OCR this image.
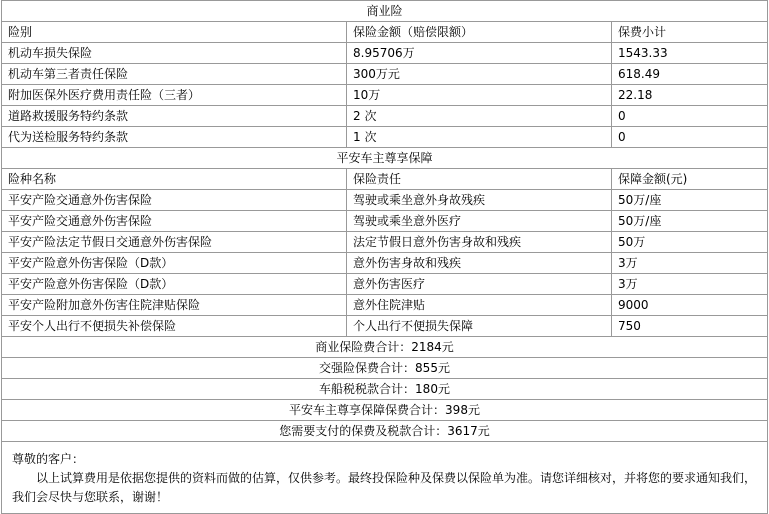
商业险
险别	保险金额（赔偿限额）	保费小计
机动车损失保险	8.95706万	1543.33
机动车第三者责任保险	300万元	618.49
附加医保外医疗费用责任险（三者）	10万	22.18
道路救援服务特约条款	2 次	0
代为送检服务特约条款	1 次	0
平安车主尊享保障
险种名称	保险责任	保障金额(元)
平安产险交通意外伤害保险	驾驶或乘坐意外身故残疾	50万/座
平安产险交通意外伤害保险	驾驶或乘坐意外医疗	50万/座
平安产险法定节假日交通意外伤害保险	法定节假日意外伤害身故和残疾	50万
平安产险意外伤害保险（D款）	意外伤害身故和残疾	3万
平安产险意外伤害保险（D款）	意外伤害医疗	3万
平安产险附加意外伤害住院津贴保险	意外住院津贴	9000
平安个人出行不便损失补偿保险	个人出行不便损失保障	750
商业保险费合计：2184元
交强险保费合计：855元
车船税税款合计：180元
平安车主尊享保障保费合计：398元
您需要支付的保费及税款合计：3617元

尊敬的客户：

以上试算费用是依据您提供的资料而做的估算，仅供参考。最终投保险种及保费以保险单为准。请您详细核对，并将您的要求通知我们，

我们会尽快与您联系，谢谢！
